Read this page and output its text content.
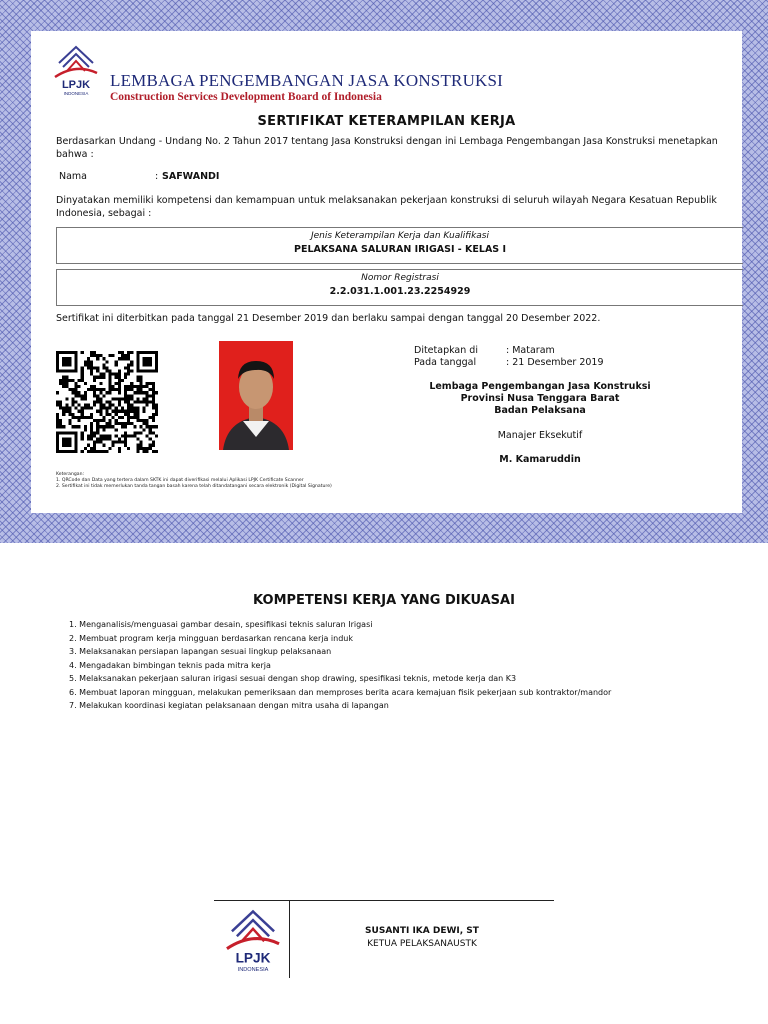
LPJK
INDONESIA
LEMBAGA PENGEMBANGAN JASA KONSTRUKSI
Construction Services Development Board of Indonesia
SERTIFIKAT KETERAMPILAN KERJA
Berdasarkan Undang - Undang No. 2 Tahun 2017 tentang Jasa Konstruksi dengan ini Lembaga Pengembangan Jasa Konstruksi menetapkan bahwa :
Nama	: SAFWANDI
Dinyatakan memiliki kompetensi dan kemampuan untuk melaksanakan pekerjaan konstruksi di seluruh wilayah Negara Kesatuan Republik Indonesia, sebagai :
Jenis Keterampilan Kerja dan Kualifikasi
PELAKSANA SALURAN IRIGASI - KELAS I
Nomor Registrasi
2.2.031.1.001.23.2254929
Sertifikat ini diterbitkan pada tanggal 21 Desember 2019 dan berlaku sampai dengan tanggal 20 Desember 2022.
Keterangan:
1. QRCode dan Data yang tertera dalam SKTK ini dapat diverifikasi melalui Aplikasi LPJK Certificate Scanner
2. Sertifikat ini tidak memerlukan tanda tangan basah karena telah ditandatangani secara elektronik (Digital Signature)
Ditetapkan di	: Mataram
Pada tanggal	: 21 Desember 2019
Lembaga Pengembangan Jasa Konstruksi
Provinsi Nusa Tenggara Barat
Badan Pelaksana
Manajer Eksekutif
M. Kamaruddin
KOMPETENSI KERJA YANG DIKUASAI
1. Menganalisis/menguasai gambar desain, spesifikasi teknis saluran Irigasi
2. Membuat program kerja mingguan berdasarkan rencana kerja induk
3. Melaksanakan persiapan lapangan sesuai lingkup pelaksanaan
4. Mengadakan bimbingan teknis pada mitra kerja
5. Melaksanakan pekerjaan saluran irigasi sesuai dengan shop drawing, spesifikasi teknis, metode kerja dan K3
6. Membuat laporan mingguan, melakukan pemeriksaan dan memproses berita acara kemajuan fisik pekerjaan sub kontraktor/mandor
7. Melakukan koordinasi kegiatan pelaksanaan dengan mitra usaha di lapangan
LPJK
INDONESIA
SUSANTI IKA DEWI, ST
KETUA PELAKSANAUSTK
